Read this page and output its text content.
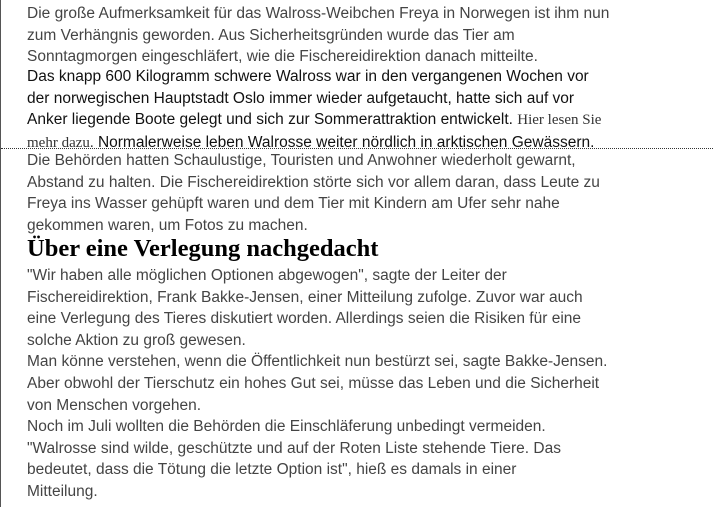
Die große Aufmerksamkeit für das Walross-Weibchen Freya in Norwegen ist ihm nun
zum Verhängnis geworden. Aus Sicherheitsgründen wurde das Tier am
Sonntagmorgen eingeschläfert, wie die Fischereidirektion danach mitteilte.

Das knapp 600 Kilogramm schwere Walross war in den vergangenen Wochen vor
der norwegischen Hauptstadt Oslo immer wieder aufgetaucht, hatte sich auf vor
Anker liegende Boote gelegt und sich zur Sommerattraktion entwickelt. Hier lesen Sie
mehr dazu. Normalerweise leben Walrosse weiter nördlich in arktischen Gewässern.

Die Behörden hatten Schaulustige, Touristen und Anwohner wiederholt gewarnt,
Abstand zu halten. Die Fischereidirektion störte sich vor allem daran, dass Leute zu
Freya ins Wasser gehüpft waren und dem Tier mit Kindern am Ufer sehr nahe
gekommen waren, um Fotos zu machen.

Über eine Verlegung nachgedacht

"Wir haben alle möglichen Optionen abgewogen", sagte der Leiter der
Fischereidirektion, Frank Bakke-Jensen, einer Mitteilung zufolge. Zuvor war auch
eine Verlegung des Tieres diskutiert worden. Allerdings seien die Risiken für eine
solche Aktion zu groß gewesen.
Man könne verstehen, wenn die Öffentlichkeit nun bestürzt sei, sagte Bakke-Jensen.
Aber obwohl der Tierschutz ein hohes Gut sei, müsse das Leben und die Sicherheit
von Menschen vorgehen.
Noch im Juli wollten die Behörden die Einschläferung unbedingt vermeiden.
"Walrosse sind wilde, geschützte und auf der Roten Liste stehende Tiere. Das
bedeutet, dass die Tötung die letzte Option ist", hieß es damals in einer
Mitteilung.
